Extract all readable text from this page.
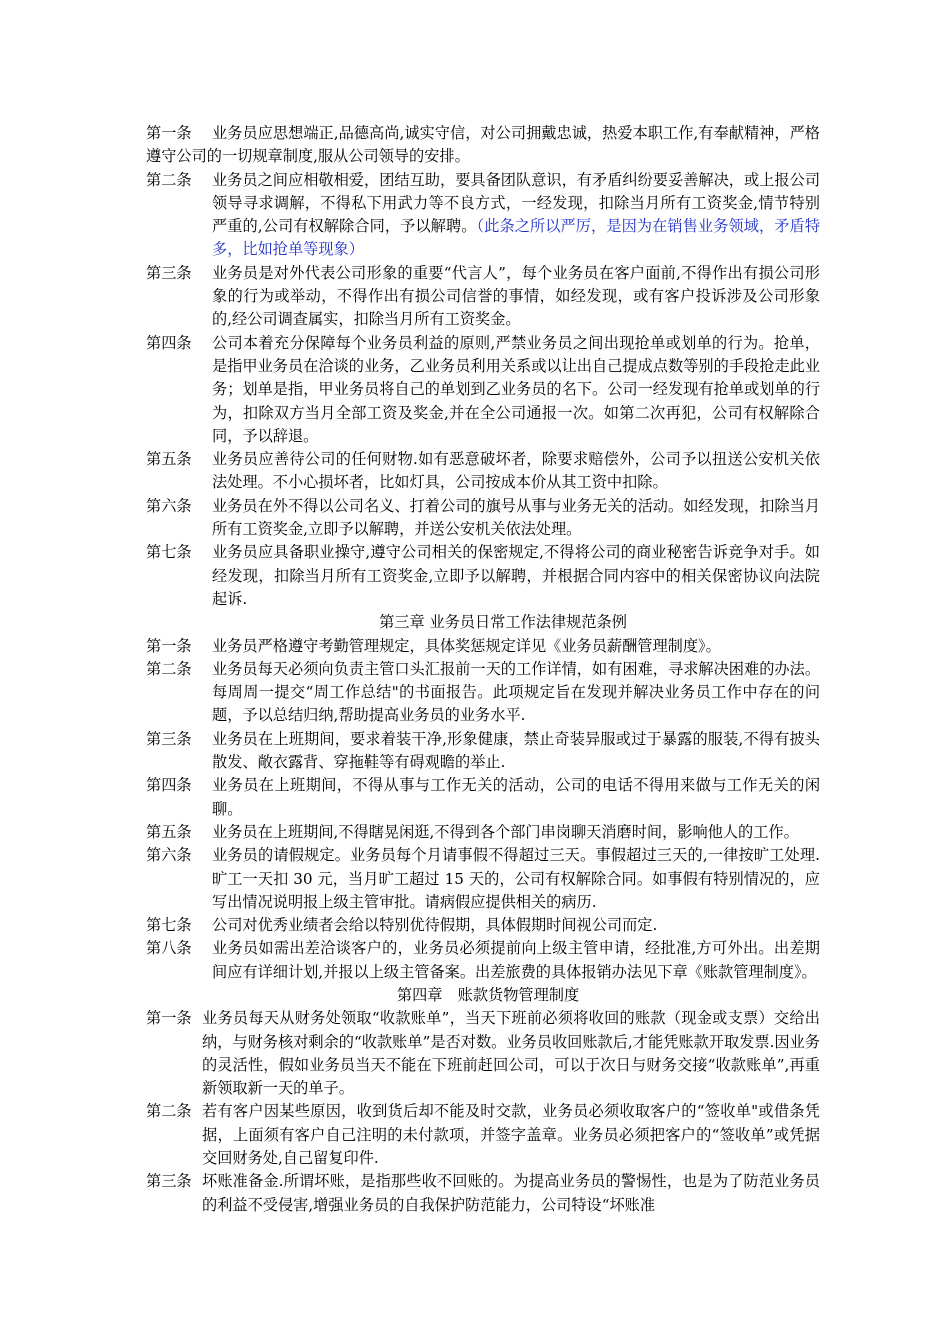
第一条 业务员应思想端正,品德高尚,诚实守信，对公司拥戴忠诚，热爱本职工作,有奉献精神，严格遵守公司的一切规章制度,服从公司领导的安排。

第二条	业务员之间应相敬相爱，团结互助，要具备团队意识，有矛盾纠纷要妥善解决，或上报公司领导寻求调解，不得私下用武力等不良方式，一经发现，扣除当月所有工资奖金,情节特别严重的,公司有权解除合同，予以解聘。（此条之所以严厉，是因为在销售业务领域，矛盾特多，比如抢单等现象）
第三条	业务员是对外代表公司形象的重要“代言人”，每个业务员在客户面前,不得作出有损公司形象的行为或举动，不得作出有损公司信誉的事情，如经发现，或有客户投诉涉及公司形象的,经公司调查属实，扣除当月所有工资奖金。
第四条	公司本着充分保障每个业务员利益的原则,严禁业务员之间出现抢单或划单的行为。抢单，是指甲业务员在洽谈的业务，乙业务员利用关系或以让出自己提成点数等别的手段抢走此业务；划单是指，甲业务员将自己的单划到乙业务员的名下。公司一经发现有抢单或划单的行为，扣除双方当月全部工资及奖金,并在全公司通报一次。如第二次再犯，公司有权解除合同，予以辞退。
第五条	业务员应善待公司的任何财物.如有恶意破坏者，除要求赔偿外，公司予以扭送公安机关依法处理。不小心损坏者，比如灯具，公司按成本价从其工资中扣除。
第六条	业务员在外不得以公司名义、打着公司的旗号从事与业务无关的活动。如经发现，扣除当月所有工资奖金,立即予以解聘，并送公安机关依法处理。
第七条	业务员应具备职业操守,遵守公司相关的保密规定,不得将公司的商业秘密告诉竞争对手。如经发现，扣除当月所有工资奖金,立即予以解聘，并根据合同内容中的相关保密协议向法院起诉.
第三章 业务员日常工作法律规范条例
第一条	业务员严格遵守考勤管理规定，具体奖惩规定详见《业务员薪酬管理制度》。
第二条	业务员每天必须向负责主管口头汇报前一天的工作详情，如有困难，寻求解决困难的办法。每周周一提交“周工作总结"的书面报告。此项规定旨在发现并解决业务员工作中存在的问题，予以总结归纳,帮助提高业务员的业务水平.
第三条	业务员在上班期间，要求着装干净,形象健康，禁止奇装异服或过于暴露的服装,不得有披头散发、敞衣露背、穿拖鞋等有碍观瞻的举止.
第四条	业务员在上班期间，不得从事与工作无关的活动，公司的电话不得用来做与工作无关的闲聊。
第五条	业务员在上班期间,不得瞎晃闲逛,不得到各个部门串岗聊天消磨时间，影响他人的工作。
第六条	业务员的请假规定。业务员每个月请事假不得超过三天。事假超过三天的,一律按旷工处理.旷工一天扣 30 元，当月旷工超过 15 天的，公司有权解除合同。如事假有特别情况的，应写出情况说明报上级主管审批。请病假应提供相关的病历.
第七条	公司对优秀业绩者会给以特别优待假期，具体假期时间视公司而定.
第八条	业务员如需出差洽谈客户的，业务员必须提前向上级主管申请，经批准,方可外出。出差期间应有详细计划,并报以上级主管备案。出差旅费的具体报销办法见下章《账款管理制度》。
第四章　账款货物管理制度
第一条 业务员每天从财务处领取“收款账单”，当天下班前必须将收回的账款（现金或支票）交给出纳，与财务核对剩余的“收款账单”是否对数。业务员收回账款后,才能凭账款开取发票.因业务的灵活性，假如业务员当天不能在下班前赶回公司，可以于次日与财务交接“收款账单”,再重新领取新一天的单子。
第二条 若有客户因某些原因，收到货后却不能及时交款，业务员必须收取客户的“签收单"或借条凭据，上面须有客户自己注明的未付款项，并签字盖章。业务员必须把客户的“签收单”或凭据交回财务处,自己留复印件.
第三条 坏账准备金.所谓坏账，是指那些收不回账的。为提高业务员的警惕性，也是为了防范业务员的利益不受侵害,增强业务员的自我保护防范能力，公司特设“坏账准
